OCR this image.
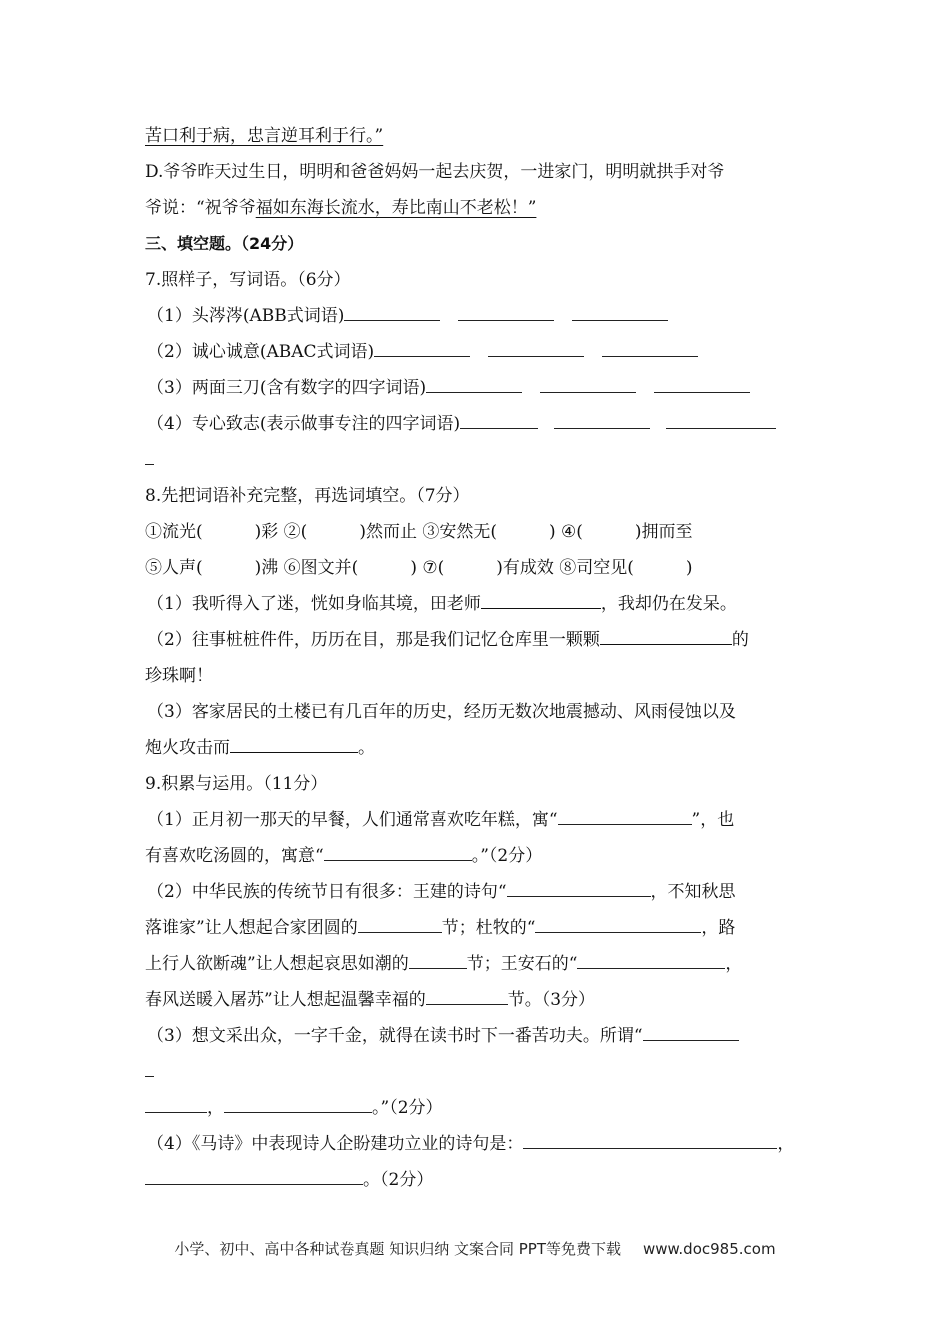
苦口利于病，忠言逆耳利于行。”
D.爷爷昨天过生日，明明和爸爸妈妈一起去庆贺，一进家门，明明就拱手对爷
爷说：“祝爷爷福如东海长流水，寿比南山不老松！”
三、填空题。（24分）
7.照样子，写词语。（6分）
（1）头涔涔(ABB式词语)
（2）诚心诚意(ABAC式词语)
（3）两面三刀(含有数字的四字词语)
（4）专心致志(表示做事专注的四字词语)
8.先把词语补充完整，再选词填空。（7分）
①流光(	)彩 ②(	)然而止 ③安然无(	) ④(	)拥而至
⑤人声(	)沸 ⑥图文并(	) ⑦(	)有成效 ⑧司空见(	)
（1）我听得入了迷，恍如身临其境，田老师	，我却仍在发呆。
（2）往事桩桩件件，历历在目，那是我们记忆仓库里一颗颗	的
珍珠啊！
（3）客家居民的土楼已有几百年的历史，经历无数次地震撼动、风雨侵蚀以及
炮火攻击而	。
9.积累与运用。（11分）
（1）正月初一那天的早餐，人们通常喜欢吃年糕，寓“	”，也
有喜欢吃汤圆的，寓意“	。”（2分）
（2）中华民族的传统节日有很多：王建的诗句“	，不知秋思
落谁家”让人想起合家团圆的	节；杜牧的“	，路
上行人欲断魂”让人想起哀思如潮的	节；王安石的“	，
春风送暖入屠苏”让人想起温馨幸福的	节。（3分）
（3）想文采出众，一字千金，就得在读书时下一番苦功夫。所谓“
，	。”（2分）
（4）《马诗》中表现诗人企盼建功立业的诗句是：	，
。（2分）
小学、初中、高中各种试卷真题 知识归纳 文案合同 PPT等免费下载 www.doc985.com
